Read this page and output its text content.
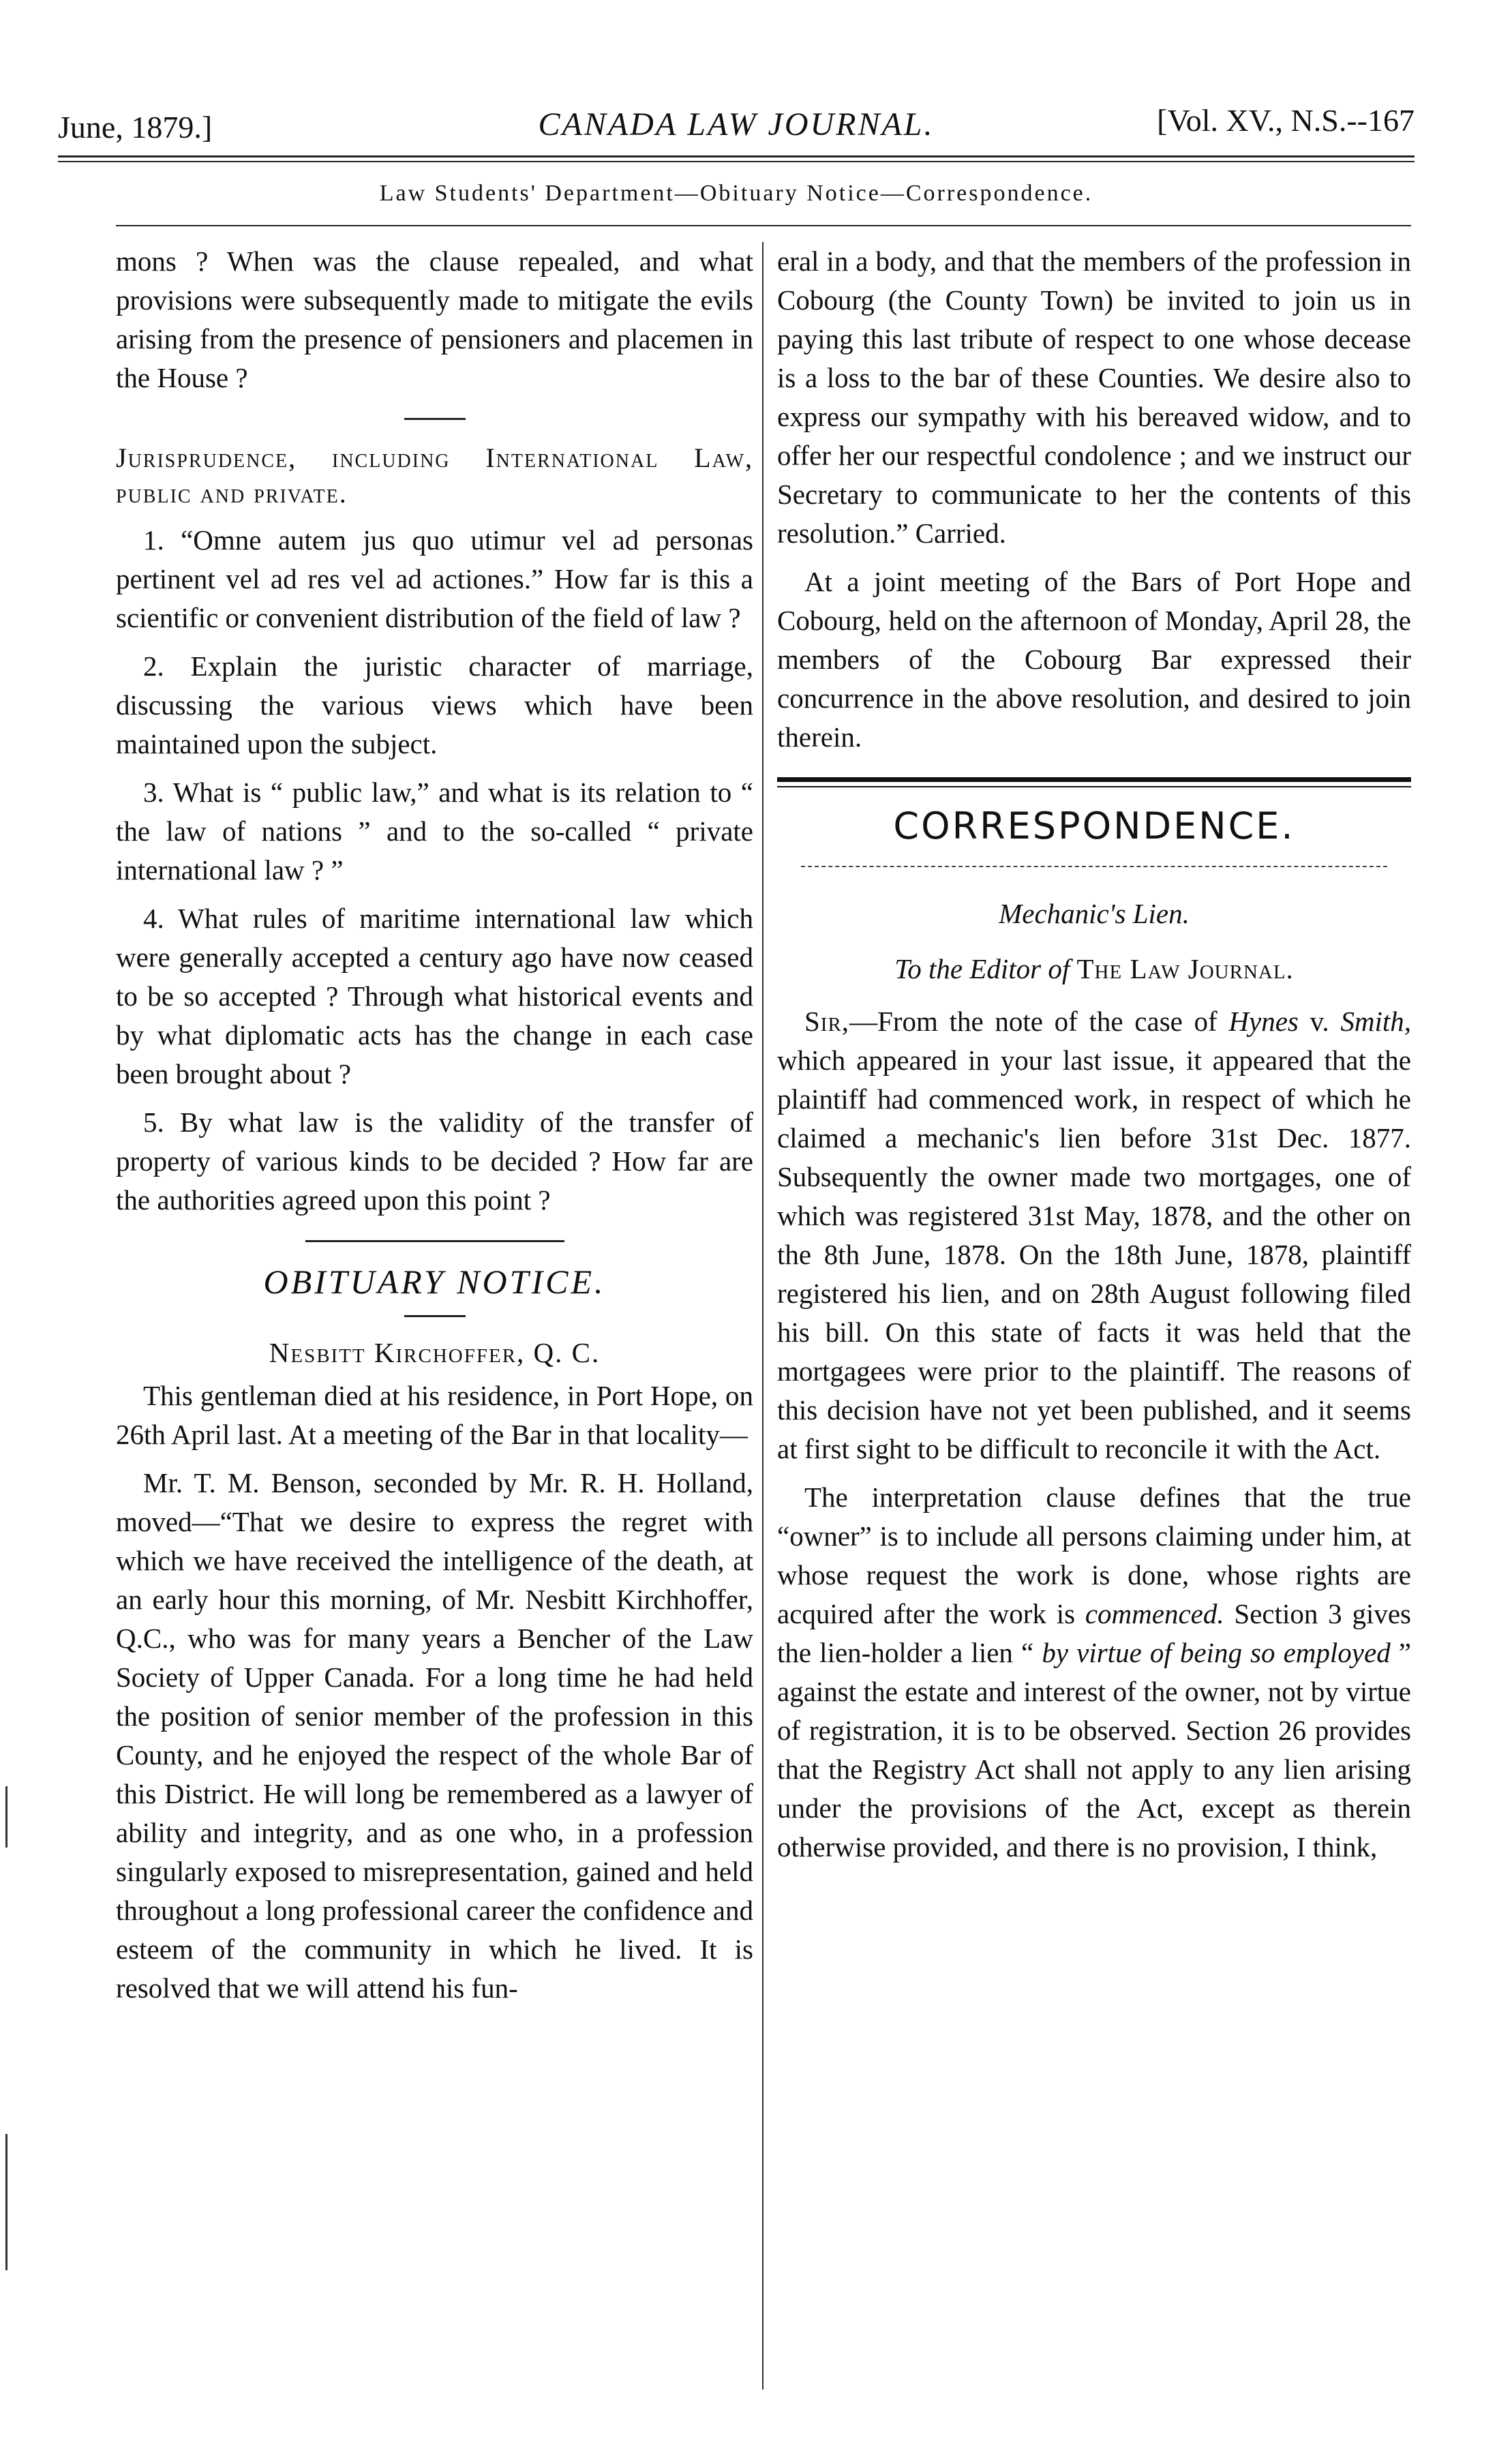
June, 1879.]	CANADA LAW JOURNAL.	[Vol. XV., N.S.--167
Law Students' Department—Obituary Notice—Correspondence.

mons ? When was the clause repealed, and what provisions were subsequently made to mitigate the evils arising from the presence of pensioners and placemen in the House ?

Jurisprudence, including International Law, public and private.

1. “Omne autem jus quo utimur vel ad personas pertinent vel ad res vel ad actiones.” How far is this a scientific or convenient distribution of the field of law ?

2. Explain the juristic character of marriage, discussing the various views which have been maintained upon the subject.

3. What is “ public law,” and what is its relation to “ the law of nations ” and to the so-called “ private international law ? ”

4. What rules of maritime international law which were generally accepted a century ago have now ceased to be so accepted ? Through what historical events and by what diplomatic acts has the change in each case been brought about ?

5. By what law is the validity of the transfer of property of various kinds to be decided ? How far are the authorities agreed upon this point ?

OBITUARY NOTICE.
Nesbitt Kirchoffer, Q. C.

This gentleman died at his residence, in Port Hope, on 26th April last. At a meeting of the Bar in that locality—

Mr. T. M. Benson, seconded by Mr. R. H. Holland, moved—“That we desire to express the regret with which we have received the intelligence of the death, at an early hour this morning, of Mr. Nesbitt Kirchhoffer, Q.C., who was for many years a Bencher of the Law Society of Upper Canada. For a long time he had held the position of senior member of the profession in this County, and he enjoyed the respect of the whole Bar of this District. He will long be remembered as a lawyer of ability and integrity, and as one who, in a profession singularly exposed to misrepresentation, gained and held throughout a long professional career the confidence and esteem of the community in which he lived. It is resolved that we will attend his fun-

eral in a body, and that the members of the profession in Cobourg (the County Town) be invited to join us in paying this last tribute of respect to one whose decease is a loss to the bar of these Counties. We desire also to express our sympathy with his bereaved widow, and to offer her our respectful condolence ; and we instruct our Secretary to communicate to her the contents of this resolution.” Carried.

At a joint meeting of the Bars of Port Hope and Cobourg, held on the afternoon of Monday, April 28, the members of the Cobourg Bar expressed their concurrence in the above resolution, and desired to join therein.

CORRESPONDENCE.
Mechanic's Lien.
To the Editor of The Law Journal.

Sir,—From the note of the case of Hynes v. Smith, which appeared in your last issue, it appeared that the plaintiff had commenced work, in respect of which he claimed a mechanic's lien before 31st Dec. 1877. Subsequently the owner made two mortgages, one of which was registered 31st May, 1878, and the other on the 8th June, 1878. On the 18th June, 1878, plaintiff registered his lien, and on 28th August following filed his bill. On this state of facts it was held that the mortgagees were prior to the plaintiff. The reasons of this decision have not yet been published, and it seems at first sight to be difficult to reconcile it with the Act.

The interpretation clause defines that the true “owner” is to include all persons claiming under him, at whose request the work is done, whose rights are acquired after the work is commenced. Section 3 gives the lien-holder a lien “ by virtue of being so employed ” against the estate and interest of the owner, not by virtue of registration, it is to be observed. Section 26 provides that the Registry Act shall not apply to any lien arising under the provisions of the Act, except as therein otherwise provided, and there is no provision, I think,
